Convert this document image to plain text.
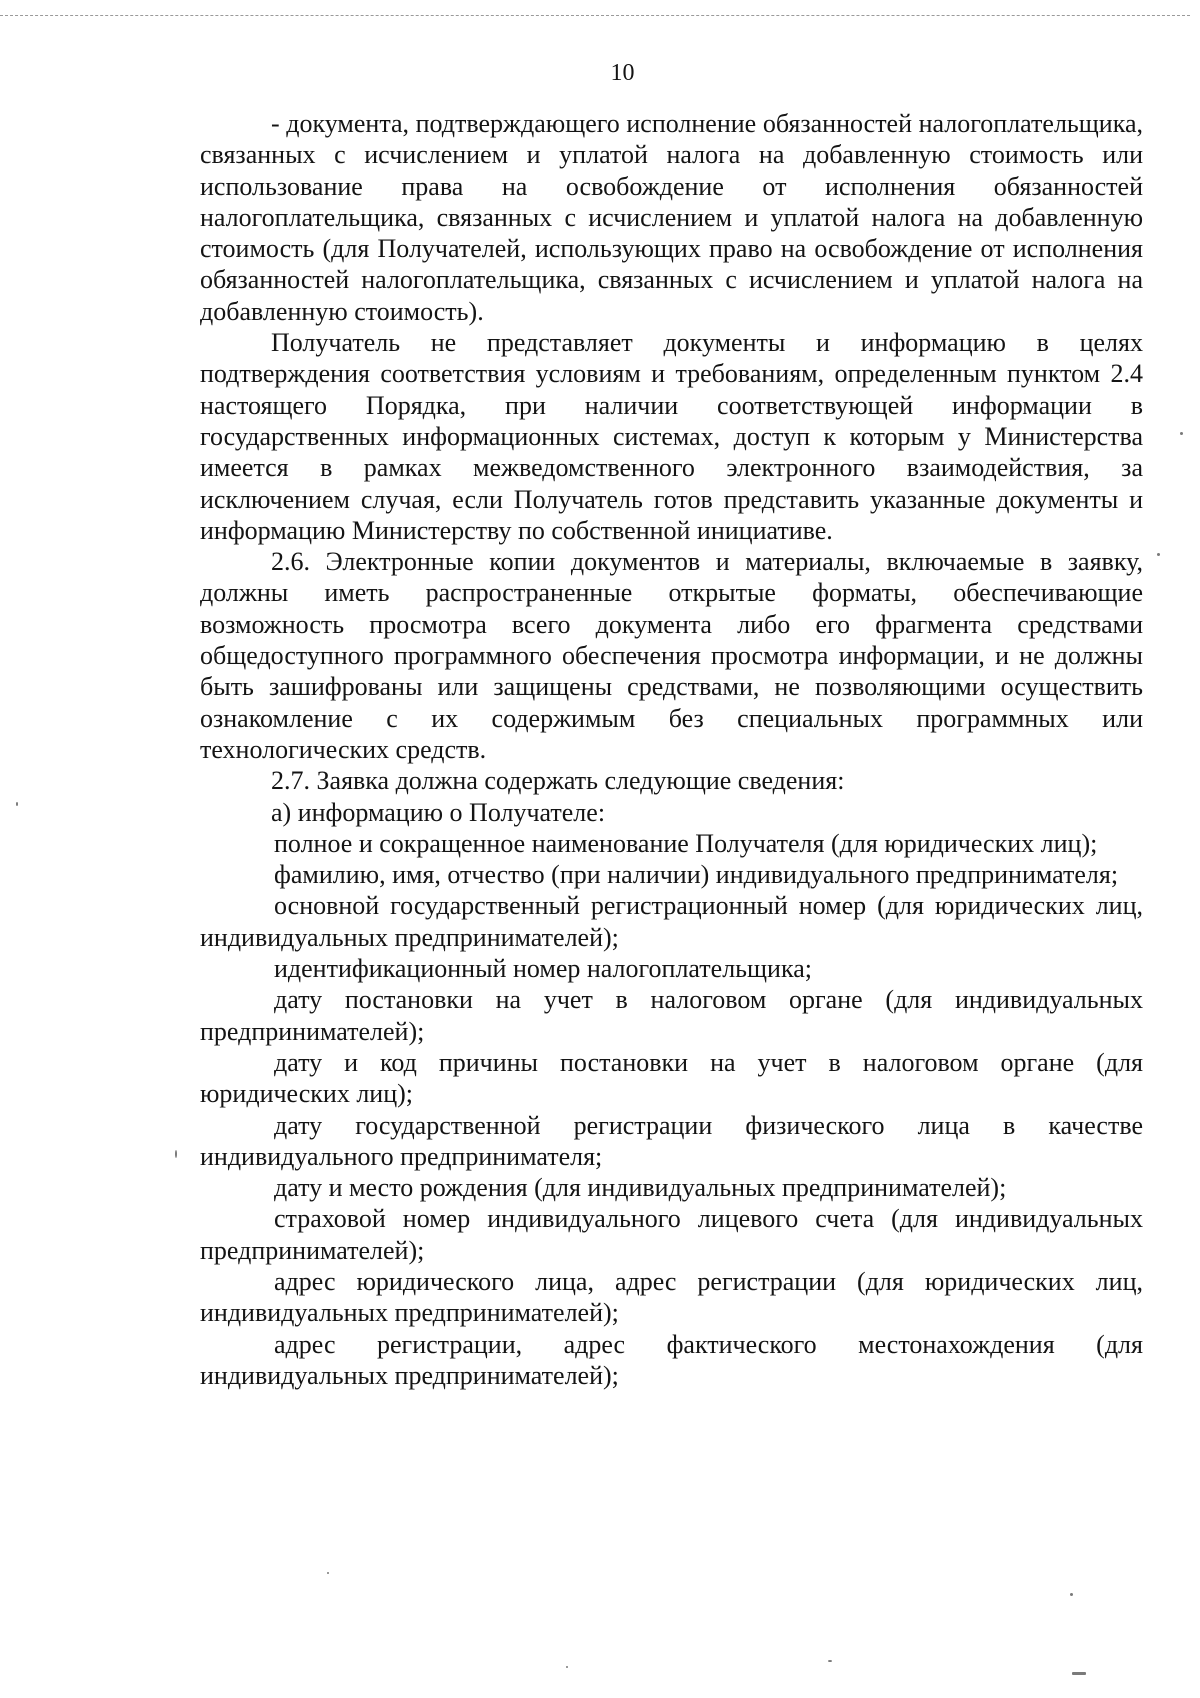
10

- документа, подтверждающего исполнение обязанностей налогоплательщика, связанных с исчислением и уплатой налога на добавленную стоимость или использование права на освобождение от исполнения обязанностей налогоплательщика, связанных с исчислением и уплатой налога на добавленную стоимость (для Получателей, использующих право на освобождение от исполнения обязанностей налогоплательщика, связанных с исчислением и уплатой налога на добавленную стоимость).

Получатель не представляет документы и информацию в целях подтверждения соответствия условиям и требованиям, определенным пунктом 2.4 настоящего Порядка, при наличии соответствующей информации в государственных информационных системах, доступ к которым у Министерства имеется в рамках межведомственного электронного взаимодействия, за исключением случая, если Получатель готов представить указанные документы и информацию Министерству по собственной инициативе.

2.6. Электронные копии документов и материалы, включаемые в заявку, должны иметь распространенные открытые форматы, обеспечивающие возможность просмотра всего документа либо его фрагмента средствами общедоступного программного обеспечения просмотра информации, и не должны быть зашифрованы или защищены средствами, не позволяющими осуществить ознакомление с их содержимым без специальных программных или технологических средств.

2.7. Заявка должна содержать следующие сведения:

а) информацию о Получателе:

полное и сокращенное наименование Получателя (для юридических лиц);

фамилию, имя, отчество (при наличии) индивидуального предпринимателя;

основной государственный регистрационный номер (для юридических лиц, индивидуальных предпринимателей);

идентификационный номер налогоплательщика;

дату постановки на учет в налоговом органе (для индивидуальных предпринимателей);

дату и код причины постановки на учет в налоговом органе (для юридических лиц);

дату государственной регистрации физического лица в качестве индивидуального предпринимателя;

дату и место рождения (для индивидуальных предпринимателей);

страховой номер индивидуального лицевого счета (для индивидуальных предпринимателей);

адрес юридического лица, адрес регистрации (для юридических лиц, индивидуальных предпринимателей);

адрес регистрации, адрес фактического местонахождения (для индивидуальных предпринимателей);
